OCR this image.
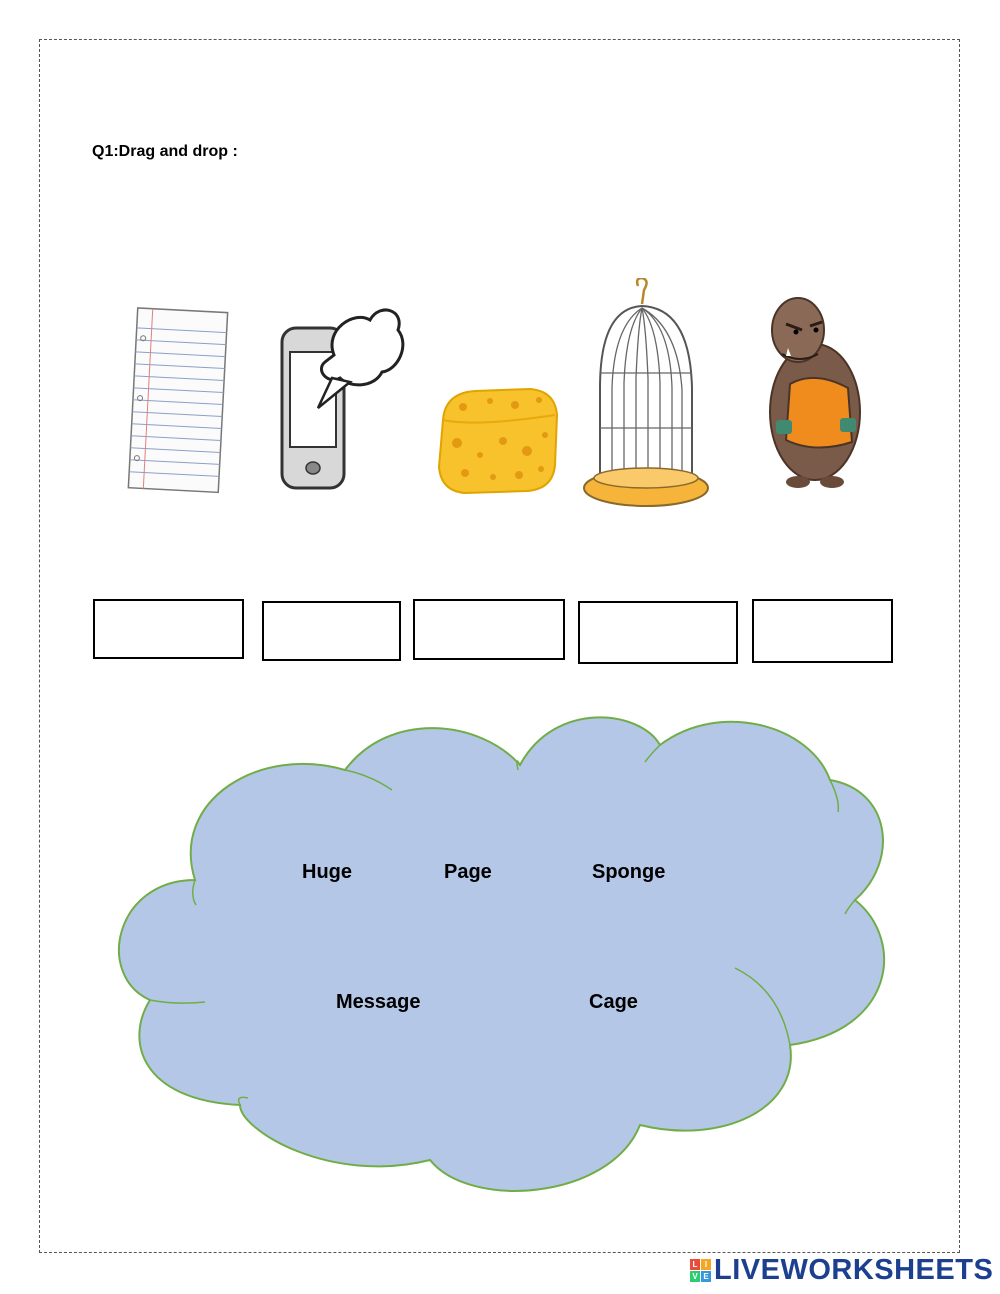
Q1:Drag and drop :
Huge	Page	Sponge
Message	Cage
L I
V E LIVEWORKSHEETS
